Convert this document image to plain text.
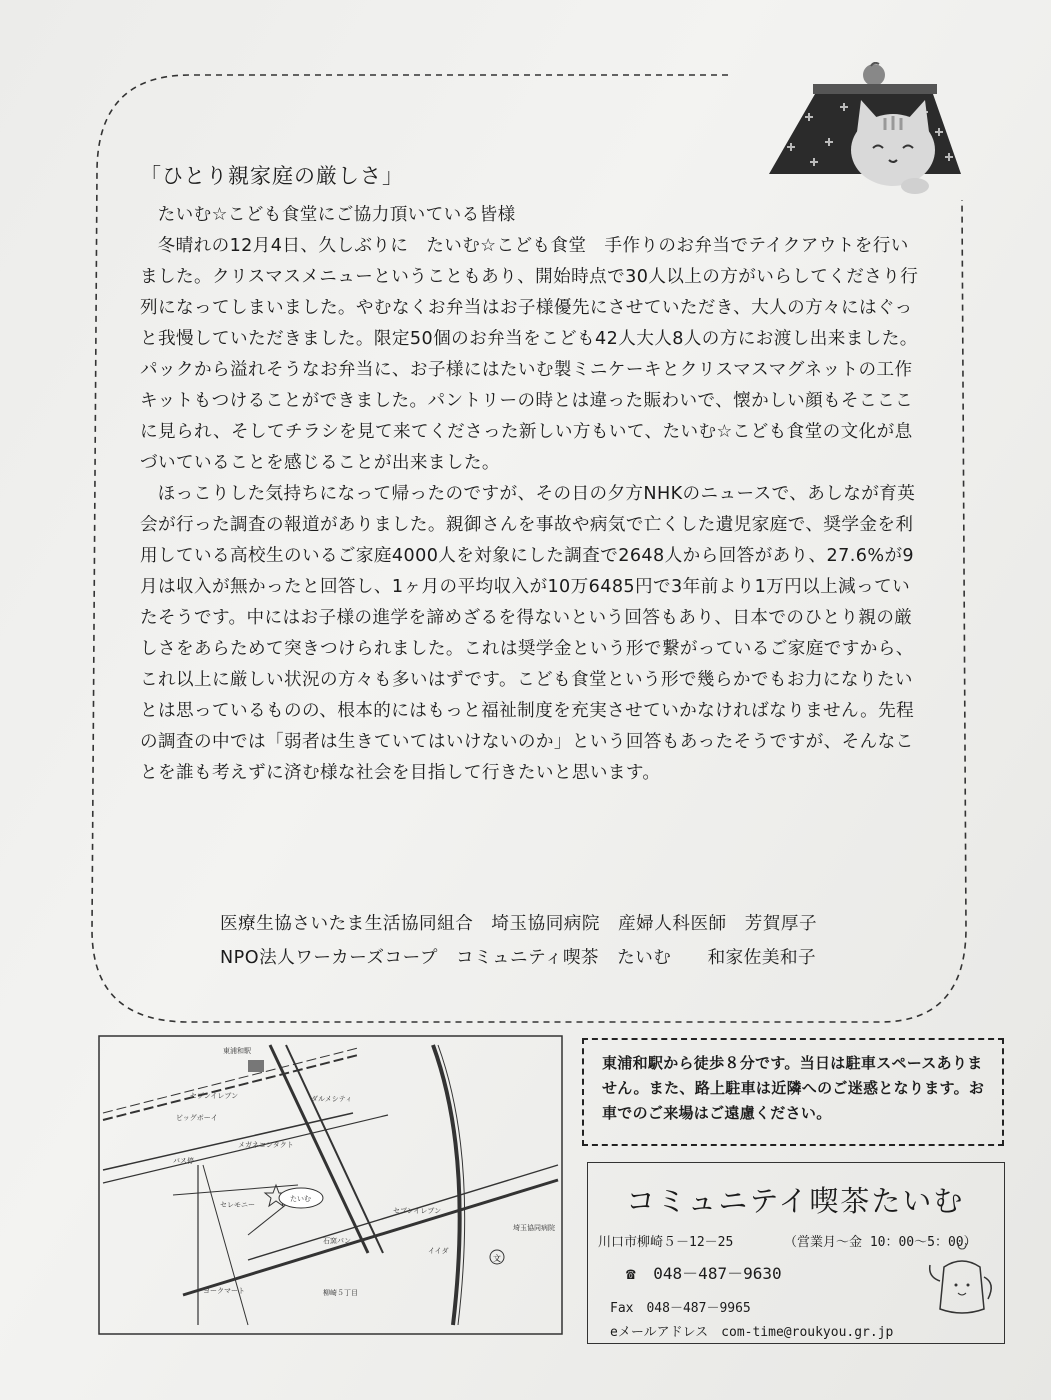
「ひとり親家庭の厳しさ」

たいむ☆こども食堂にご協力頂いている皆様

冬晴れの12月4日、久しぶりに　たいむ☆こども食堂　手作りのお弁当でテイクアウトを行いました。クリスマスメニューということもあり、開始時点で30人以上の方がいらしてくださり行列になってしまいました。やむなくお弁当はお子様優先にさせていただき、大人の方々にはぐっと我慢していただきました。限定50個のお弁当をこども42人大人8人の方にお渡し出来ました。パックから溢れそうなお弁当に、お子様にはたいむ製ミニケーキとクリスマスマグネットの工作キットもつけることができました。パントリーの時とは違った賑わいで、懐かしい顔もそこここに見られ、そしてチラシを見て来てくださった新しい方もいて、たいむ☆こども食堂の文化が息づいていることを感じることが出来ました。

ほっこりした気持ちになって帰ったのですが、その日の夕方NHKのニュースで、あしなが育英会が行った調査の報道がありました。親御さんを事故や病気で亡くした遺児家庭で、奨学金を利用している高校生のいるご家庭4000人を対象にした調査で2648人から回答があり、27.6%が9月は収入が無かったと回答し、1ヶ月の平均収入が10万6485円で3年前より1万円以上減っていたそうです。中にはお子様の進学を諦めざるを得ないという回答もあり、日本でのひとり親の厳しさをあらためて突きつけられました。これは奨学金という形で繋がっているご家庭ですから、これ以上に厳しい状況の方々も多いはずです。こども食堂という形で幾らかでもお力になりたいとは思っているものの、根本的にはもっと福祉制度を充実させていかなければなりません。先程の調査の中では「弱者は生きていてはいけないのか」という回答もあったそうですが、そんなことを誰も考えずに済む様な社会を目指して行きたいと思います。

医療生協さいたま生活協同組合　埼玉協同病院　産婦人科医師　芳賀厚子
NPO法人ワーカーズコープ　コミュニティ喫茶　たいむ　　和家佐美和子
文
東浦和駅
セブンイレブン	ダルメシティ
ビッグボーイ
メガネコンタクト
バス停
セレモニー
たいむ
セブンイレブン
埼玉協同病院
石窯パン
イイダ
ヨークマート	柳崎５丁目
東浦和駅から徒歩８分です。当日は駐車スペースありません。また、路上駐車は近隣へのご迷惑となります。お車でのご来場はご遠慮ください。
コミュニテイ喫茶たいむ
川口市柳崎５－12－25	（営業月～金 10：00～5：00）
☎ 048－487－9630
Fax　048－487－9965
eメールアドレス　com-time@roukyou.gr.jp
